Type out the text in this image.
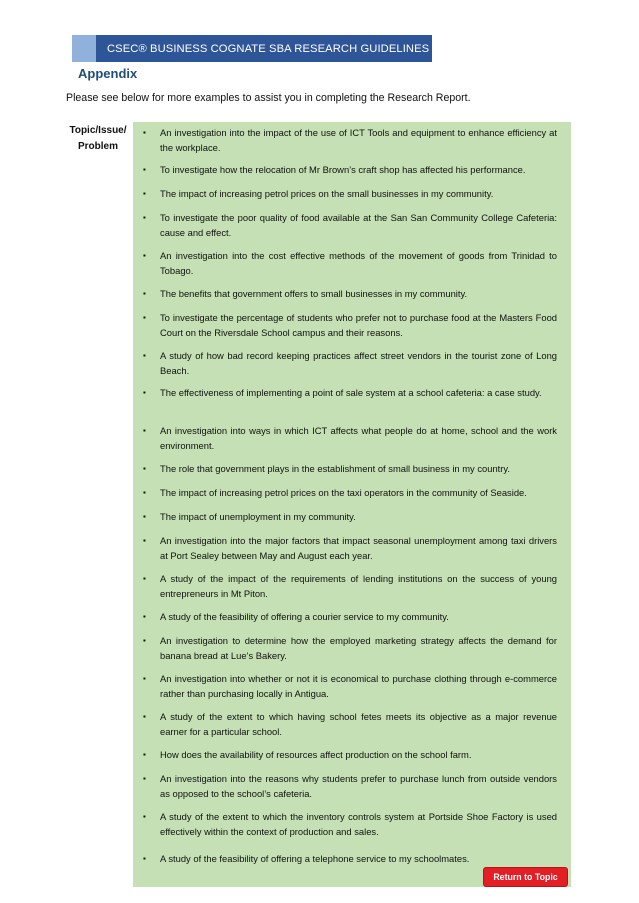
CSEC® BUSINESS COGNATE SBA RESEARCH GUIDELINES
Appendix
Please see below for more examples to assist you in completing the Research Report.
Topic/Issue/
Problem
▪	An investigation into the impact of the use of ICT Tools and equipment to enhance efficiency at the workplace.
▪	To investigate how the relocation of Mr Brown’s craft shop has affected his performance.
▪	The impact of increasing petrol prices on the small businesses in my community.
▪	To investigate the poor quality of food available at the San San Community College Cafeteria: cause and effect.
▪	An investigation into the cost effective methods of the movement of goods from Trinidad to Tobago.
▪	The benefits that government offers to small businesses in my community.
▪	To investigate the percentage of students who prefer not to purchase food at the Masters Food Court on the Riversdale School campus and their reasons.
▪	A study of how bad record keeping practices affect street vendors in the tourist zone of Long Beach.
▪	The effectiveness of implementing a point of sale system at a school cafeteria: a case study.
▪	An investigation into ways in which ICT affects what people do at home, school and the work environment.
▪	The role that government plays in the establishment of small business in my country.
▪	The impact of increasing petrol prices on the taxi operators in the community of Seaside.
▪	The impact of unemployment in my community.
▪	An investigation into the major factors that impact seasonal unemployment among taxi drivers at Port Sealey between May and August each year.
▪	A study of the impact of the requirements of lending institutions on the success of young entrepreneurs in Mt Piton.
▪	A study of the feasibility of offering a courier service to my community.
▪	An investigation to determine how the employed marketing strategy affects the demand for banana bread at Lue’s Bakery.
▪	An investigation into whether or not it is economical to purchase clothing through e-commerce rather than purchasing locally in Antigua.
▪	A study of the extent to which having school fetes meets its objective as a major revenue earner for a particular school.
▪	How does the availability of resources affect production on the school farm.
▪	An investigation into the reasons why students prefer to purchase lunch from outside vendors as opposed to the school’s cafeteria.
▪	A study of the extent to which the inventory controls system at Portside Shoe Factory is used effectively within the context of production and sales.
▪	A study of the feasibility of offering a telephone service to my schoolmates.
Return to Topic
